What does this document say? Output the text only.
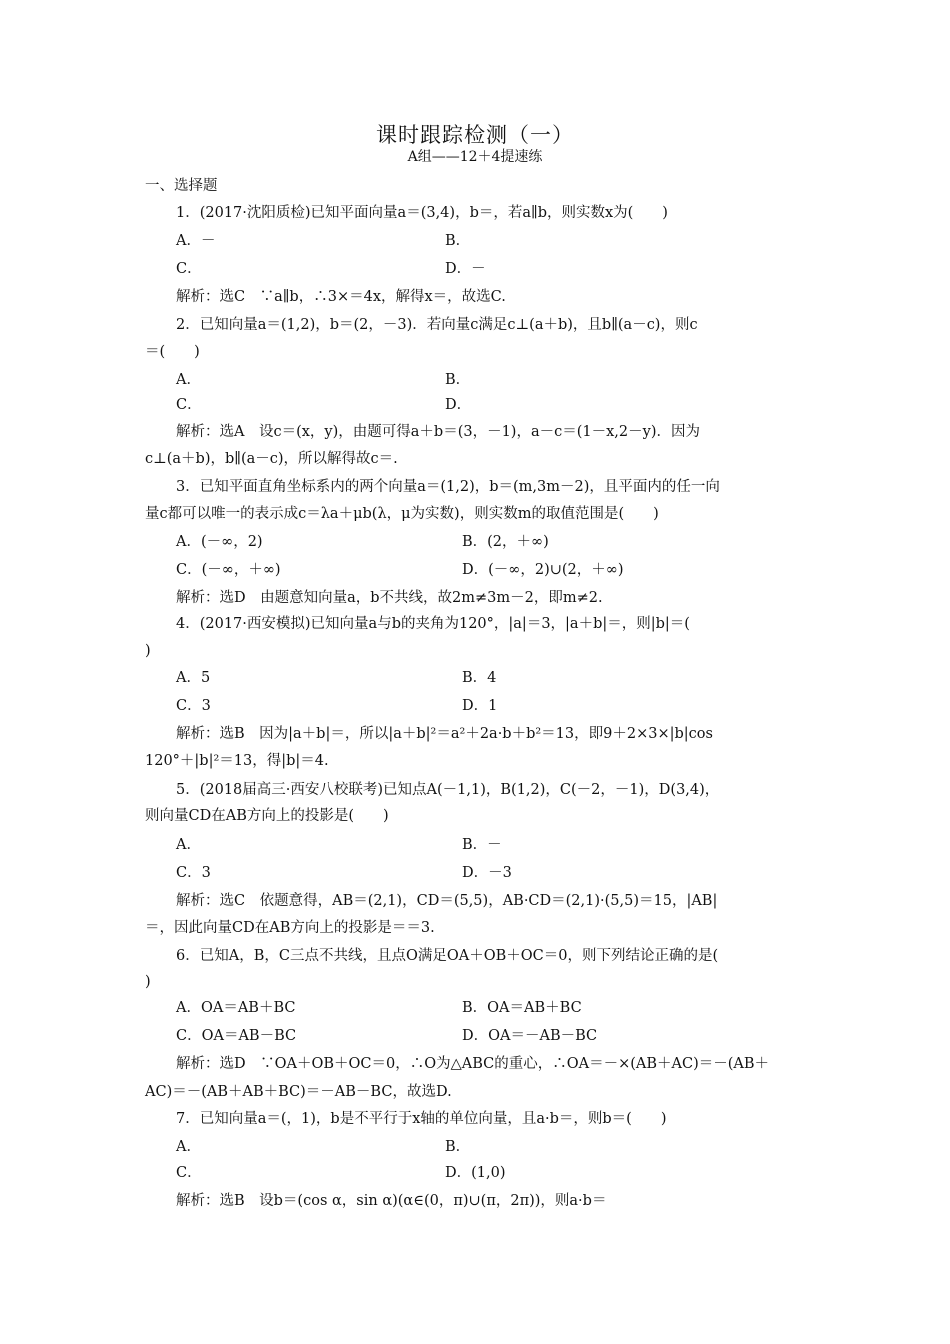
课时跟踪检测（一）
A组——12＋4提速练
一、选择题
1．(2017·沈阳质检)已知平面向量a＝(3,4)，b＝，若a∥b，则实数x为(　　)
A．－	B．
C．	D．－
解析：选C　∵a∥b，∴3×＝4x，解得x＝，故选C.
2．已知向量a＝(1,2)，b＝(2，－3)．若向量c满足c⊥(a＋b)，且b∥(a－c)，则c
＝(　　)
A．	B．
C．	D．
解析：选A　设c＝(x，y)，由题可得a＋b＝(3，－1)，a－c＝(1－x,2－y)．因为
c⊥(a＋b)，b∥(a－c)，所以解得故c＝.
3．已知平面直角坐标系内的两个向量a＝(1,2)，b＝(m,3m－2)，且平面内的任一向
量c都可以唯一的表示成c＝λa＋μb(λ，μ为实数)，则实数m的取值范围是(　　)
A．(－∞，2)	B．(2，＋∞)
C．(－∞，＋∞)	D．(－∞，2)∪(2，＋∞)
解析：选D　由题意知向量a，b不共线，故2m≠3m－2，即m≠2.
4．(2017·西安模拟)已知向量a与b的夹角为120°，|a|＝3，|a＋b|＝，则|b|＝(
)
A．5	B．4
C．3	D．1
解析：选B　因为|a＋b|＝，所以|a＋b|²＝a²＋2a·b＋b²＝13，即9＋2×3×|b|cos
120°＋|b|²＝13，得|b|＝4.
5．(2018届高三·西安八校联考)已知点A(－1,1)，B(1,2)，C(－2，－1)，D(3,4)，
则向量CD在AB方向上的投影是(　　)
A．	B．－
C．3	D．－3
解析：选C　依题意得，AB＝(2,1)，CD＝(5,5)，AB·CD＝(2,1)·(5,5)＝15，|AB|
＝，因此向量CD在AB方向上的投影是＝＝3.
6．已知A，B，C三点不共线，且点O满足OA＋OB＋OC＝0，则下列结论正确的是(
)
A．OA＝AB＋BC	B．OA＝AB＋BC
C．OA＝AB－BC	D．OA＝－AB－BC
解析：选D　∵OA＋OB＋OC＝0，∴O为△ABC的重心，∴OA＝－×(AB＋AC)＝－(AB＋
AC)＝－(AB＋AB＋BC)＝－AB－BC，故选D.
7．已知向量a＝(，1)，b是不平行于x轴的单位向量，且a·b＝，则b＝(　　)
A．	B．
C．	D．(1,0)
解析：选B　设b＝(cos α，sin α)(α∈(0，π)∪(π，2π))，则a·b＝
